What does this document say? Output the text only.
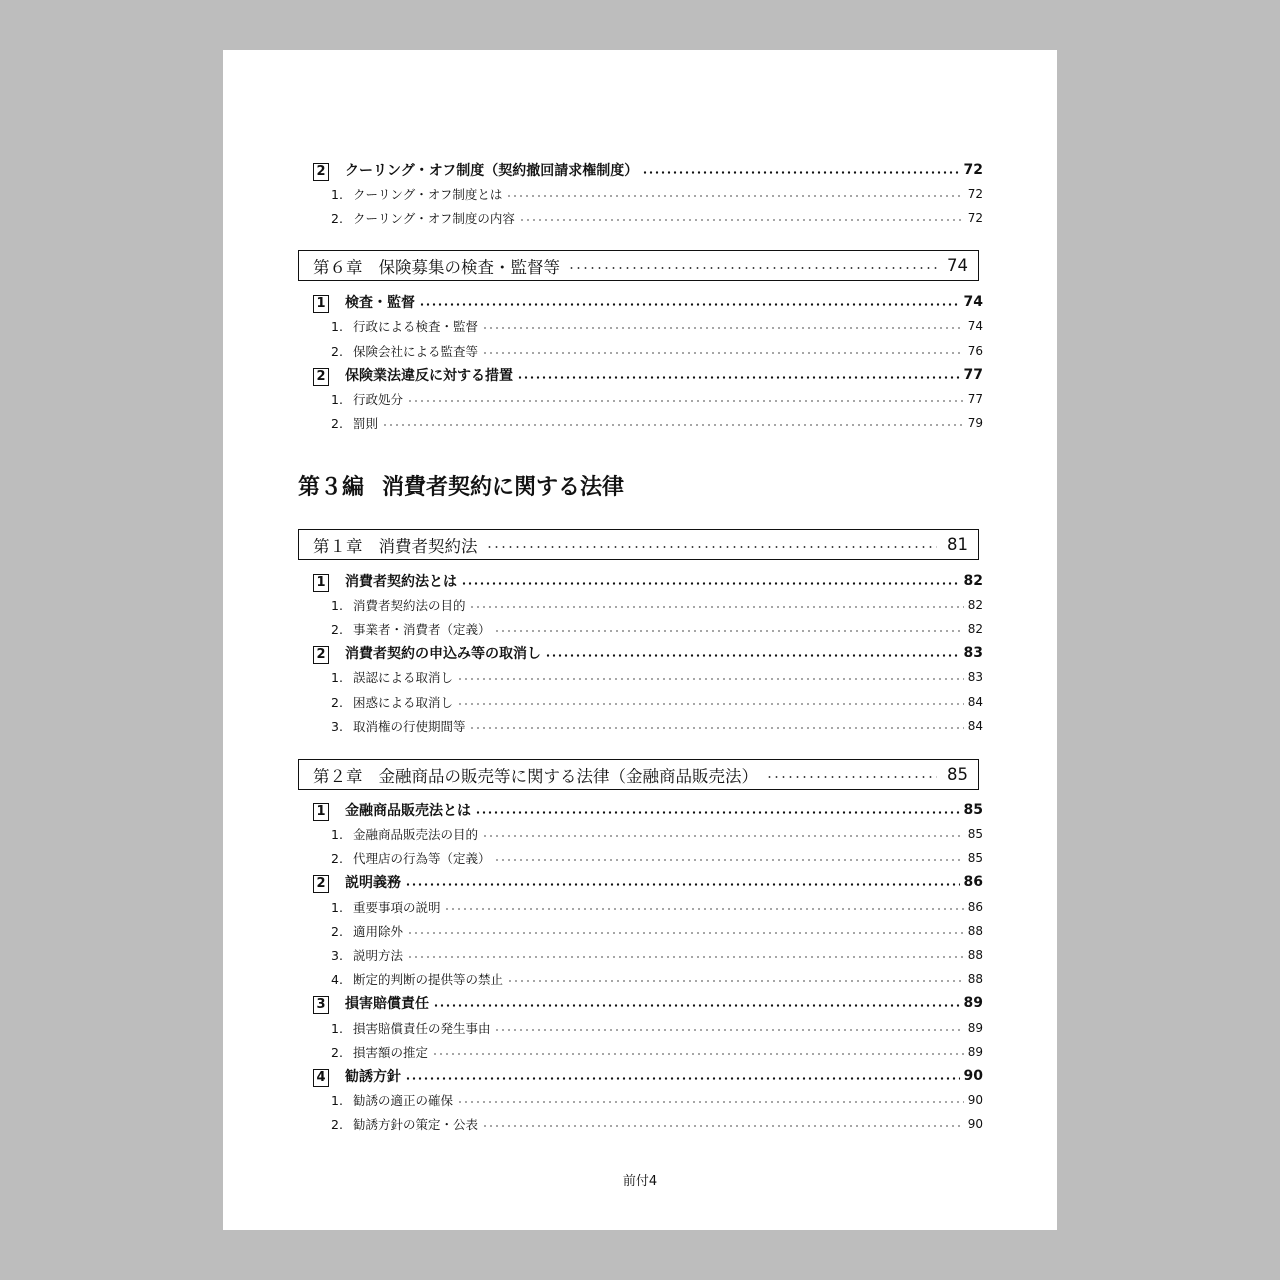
2 クーリング・オフ制度（契約撤回請求権制度）	72
1. クーリング・オフ制度とは	72
2. クーリング・オフ制度の内容	72
第６章 保険募集の検査・監督等	74
1 検査・監督	74
1. 行政による検査・監督	74
2. 保険会社による監査等	76
2 保険業法違反に対する措置	77
1. 行政処分	77
2. 罰則	79
第３編 消費者契約に関する法律
第１章 消費者契約法	81
1 消費者契約法とは	82
1. 消費者契約法の目的	82
2. 事業者・消費者（定義）	82
2 消費者契約の申込み等の取消し	83
1. 誤認による取消し	83
2. 困惑による取消し	84
3. 取消権の行使期間等	84
第２章 金融商品の販売等に関する法律（金融商品販売法）	85
1 金融商品販売法とは	85
1. 金融商品販売法の目的	85
2. 代理店の行為等（定義）	85
2 説明義務	86
1. 重要事項の説明	86
2. 適用除外	88
3. 説明方法	88
4. 断定的判断の提供等の禁止	88
3 損害賠償責任	89
1. 損害賠償責任の発生事由	89
2. 損害額の推定	89
4 勧誘方針	90
1. 勧誘の適正の確保	90
2. 勧誘方針の策定・公表	90
前付4
